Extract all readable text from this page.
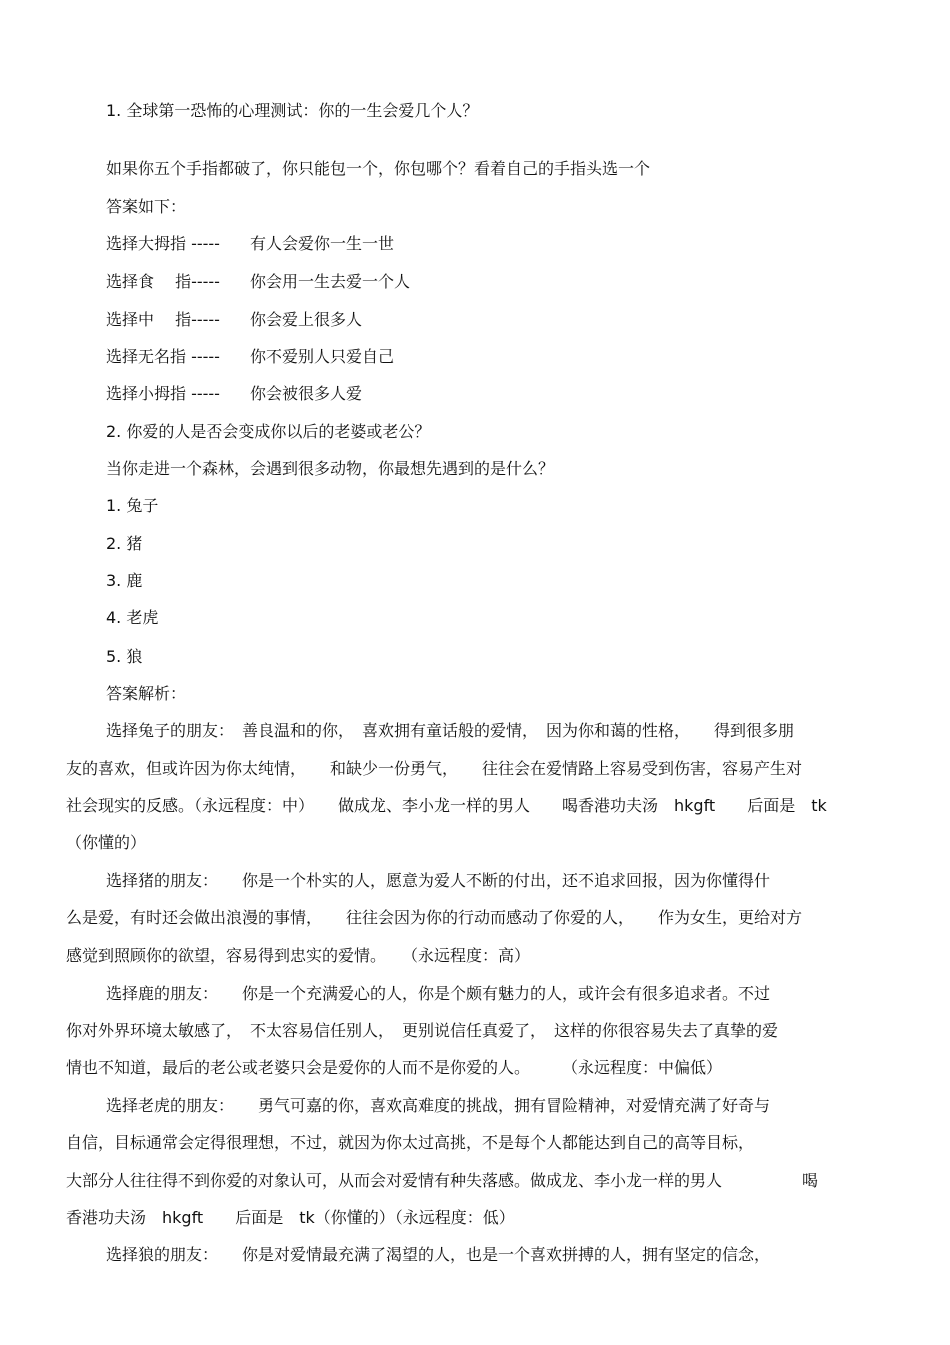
1. 全球第一恐怖的心理测试：你的一生会爱几个人？
如果你五个手指都破了，你只能包一个，你包哪个？看着自己的手指头选一个
答案如下：
选择大拇指 ----- 有人会爱你一生一世
选择食　 指----- 你会用一生去爱一个人
选择中　 指----- 你会爱上很多人
选择无名指 ----- 你不爱别人只爱自己
选择小拇指 ----- 你会被很多人爱
2. 你爱的人是否会变成你以后的老婆或老公？
当你走进一个森林，会遇到很多动物，你最想先遇到的是什么？
1. 兔子
2. 猪
3. 鹿
4. 老虎
5. 狼
答案解析：
选择兔子的朋友：　善良温和的你，　喜欢拥有童话般的爱情，　因为你和蔼的性格，　　得到很多朋
友的喜欢，但或许因为你太纯情，　　和缺少一份勇气，　　往往会在爱情路上容易受到伤害，容易产生对
社会现实的反感。（永远程度：中）　　做成龙、李小龙一样的男人　　喝香港功夫汤　hkgft　　后面是　tk
（你懂的）
选择猪的朋友：　　你是一个朴实的人，愿意为爱人不断的付出，还不追求回报，因为你懂得什
么是爱，有时还会做出浪漫的事情，　　往往会因为你的行动而感动了你爱的人，　　作为女生，更给对方
感觉到照顾你的欲望，容易得到忠实的爱情。　　（永远程度：高）
选择鹿的朋友：　　你是一个充满爱心的人，你是个颇有魅力的人，或许会有很多追求者。不过
你对外界环境太敏感了，　不太容易信任别人，　更别说信任真爱了，　这样的你很容易失去了真挚的爱
情也不知道，最后的老公或老婆只会是爱你的人而不是你爱的人。　　　（永远程度：中偏低）
选择老虎的朋友：　　勇气可嘉的你，喜欢高难度的挑战，拥有冒险精神，对爱情充满了好奇与
自信，目标通常会定得很理想，不过，就因为你太过高挑，不是每个人都能达到自己的高等目标，
大部分人往往得不到你爱的对象认可，从而会对爱情有种失落感。做成龙、李小龙一样的男人　　　　　喝
香港功夫汤　hkgft　　后面是　tk（你懂的）（永远程度：低）
选择狼的朋友：　　你是对爱情最充满了渴望的人，也是一个喜欢拼搏的人，拥有坚定的信念，
